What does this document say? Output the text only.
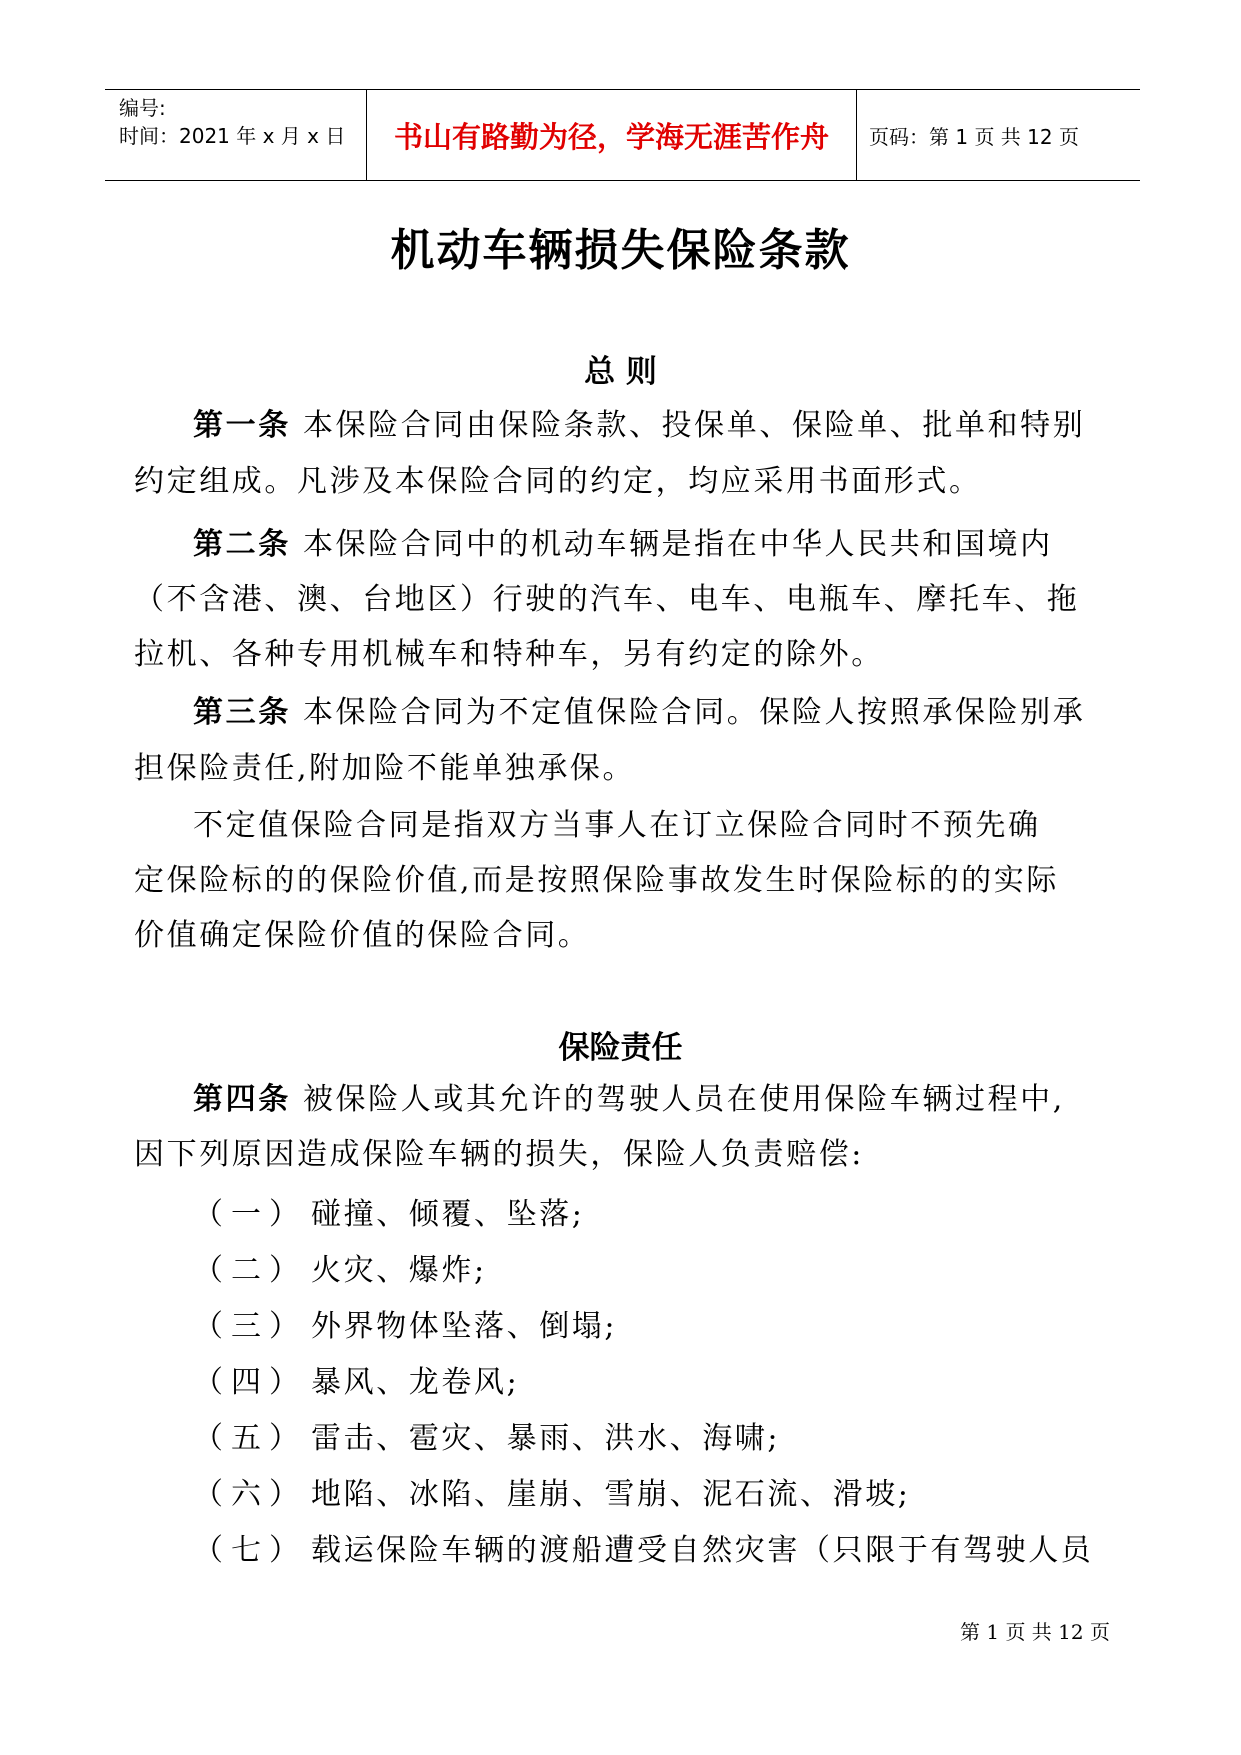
编号:
时间：2021 年 x 月 x 日	书山有路勤为径，学海无涯苦作舟 页码：第 1 页 共 12 页
机动车辆损失保险条款
总 则
第一条 本保险合同由保险条款、投保单、保险单、批单和特别
约定组成。凡涉及本保险合同的约定，均应采用书面形式。
第二条 本保险合同中的机动车辆是指在中华人民共和国境内
（不含港、澳、台地区）行驶的汽车、电车、电瓶车、摩托车、拖
拉机、各种专用机械车和特种车，另有约定的除外。
第三条 本保险合同为不定值保险合同。保险人按照承保险别承
担保险责任,附加险不能单独承保。
不定值保险合同是指双方当事人在订立保险合同时不预先确
定保险标的的保险价值,而是按照保险事故发生时保险标的的实际
价值确定保险价值的保险合同。
保险责任
第四条 被保险人或其允许的驾驶人员在使用保险车辆过程中,
因下列原因造成保险车辆的损失，保险人负责赔偿:
（一） 碰撞、倾覆、坠落;
（二） 火灾、爆炸;
（三） 外界物体坠落、倒塌;
（四） 暴风、龙卷风;
（五） 雷击、雹灾、暴雨、洪水、海啸;
（六） 地陷、冰陷、崖崩、雪崩、泥石流、滑坡;
（七） 载运保险车辆的渡船遭受自然灾害（只限于有驾驶人员
第 1 页 共 12 页
